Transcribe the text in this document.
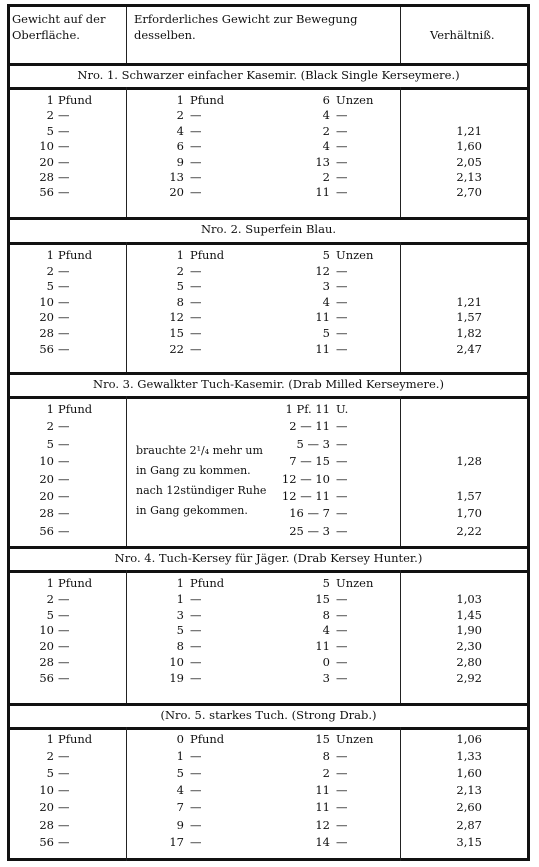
Gewicht auf der Oberfläche.
Erforderliches Gewicht zur Bewegung desselben.	Verhältniß.
Nro. 1. Schwarzer einfacher Kasemir. (Black Single Kerseymere.)
1 Pfund	1 Pfund	6 Unzen
2 —	2 —	4 —
5 —	4 —	2 —	1,21
10 —	6 —	4 —	1,60
20 —	9 —	13 —	2,05
28 —	13 —	2 —	2,13
56 —	20 —	11 —	2,70
Nro. 2. Superfein Blau.
1 Pfund	1 Pfund	5 Unzen
2 —	2 —	12 —
5 —	5 —	3 —
10 —	8 —	4 —	1,21
20 —	12 —	11 —	1,57
28 —	15 —	5 —	1,82
56 —	22 —	11 —	2,47
Nro. 3. Gewalkter Tuch-Kasemir. (Drab Milled Kerseymere.)
1 Pfund	1 Pf. 11 U.
2 —	2 — 11 —
5 —	5 — 3 —
10 —	7 — 15 —	1,28
20 —	12 — 10 —
20 —	12 — 11 —	1,57
28 —	16 — 7 —	1,70
56 —	25 — 3 —	2,22
brauchte 2¹/₄ mehr um
in Gang zu kommen.
nach 12stündiger Ruhe
in Gang gekommen.
Nro. 4. Tuch-Kersey für Jäger. (Drab Kersey Hunter.)
1 Pfund	1 Pfund	5 Unzen
2 —	1 —	15 —	1,03
5 —	3 —	8 —	1,45
10 —	5 —	4 —	1,90
20 —	8 —	11 —	2,30
28 —	10 —	0 —	2,80
56 —	19 —	3 —	2,92
(Nro. 5. starkes Tuch. (Strong Drab.)
1 Pfund	0 Pfund	15 Unzen	1,06
2 —	1 —	8 —	1,33
5 —	5 —	2 —	1,60
10 —	4 —	11 —	2,13
20 —	7 —	11 —	2,60
28 —	9 —	12 —	2,87
56 —	17 —	14 —	3,15
